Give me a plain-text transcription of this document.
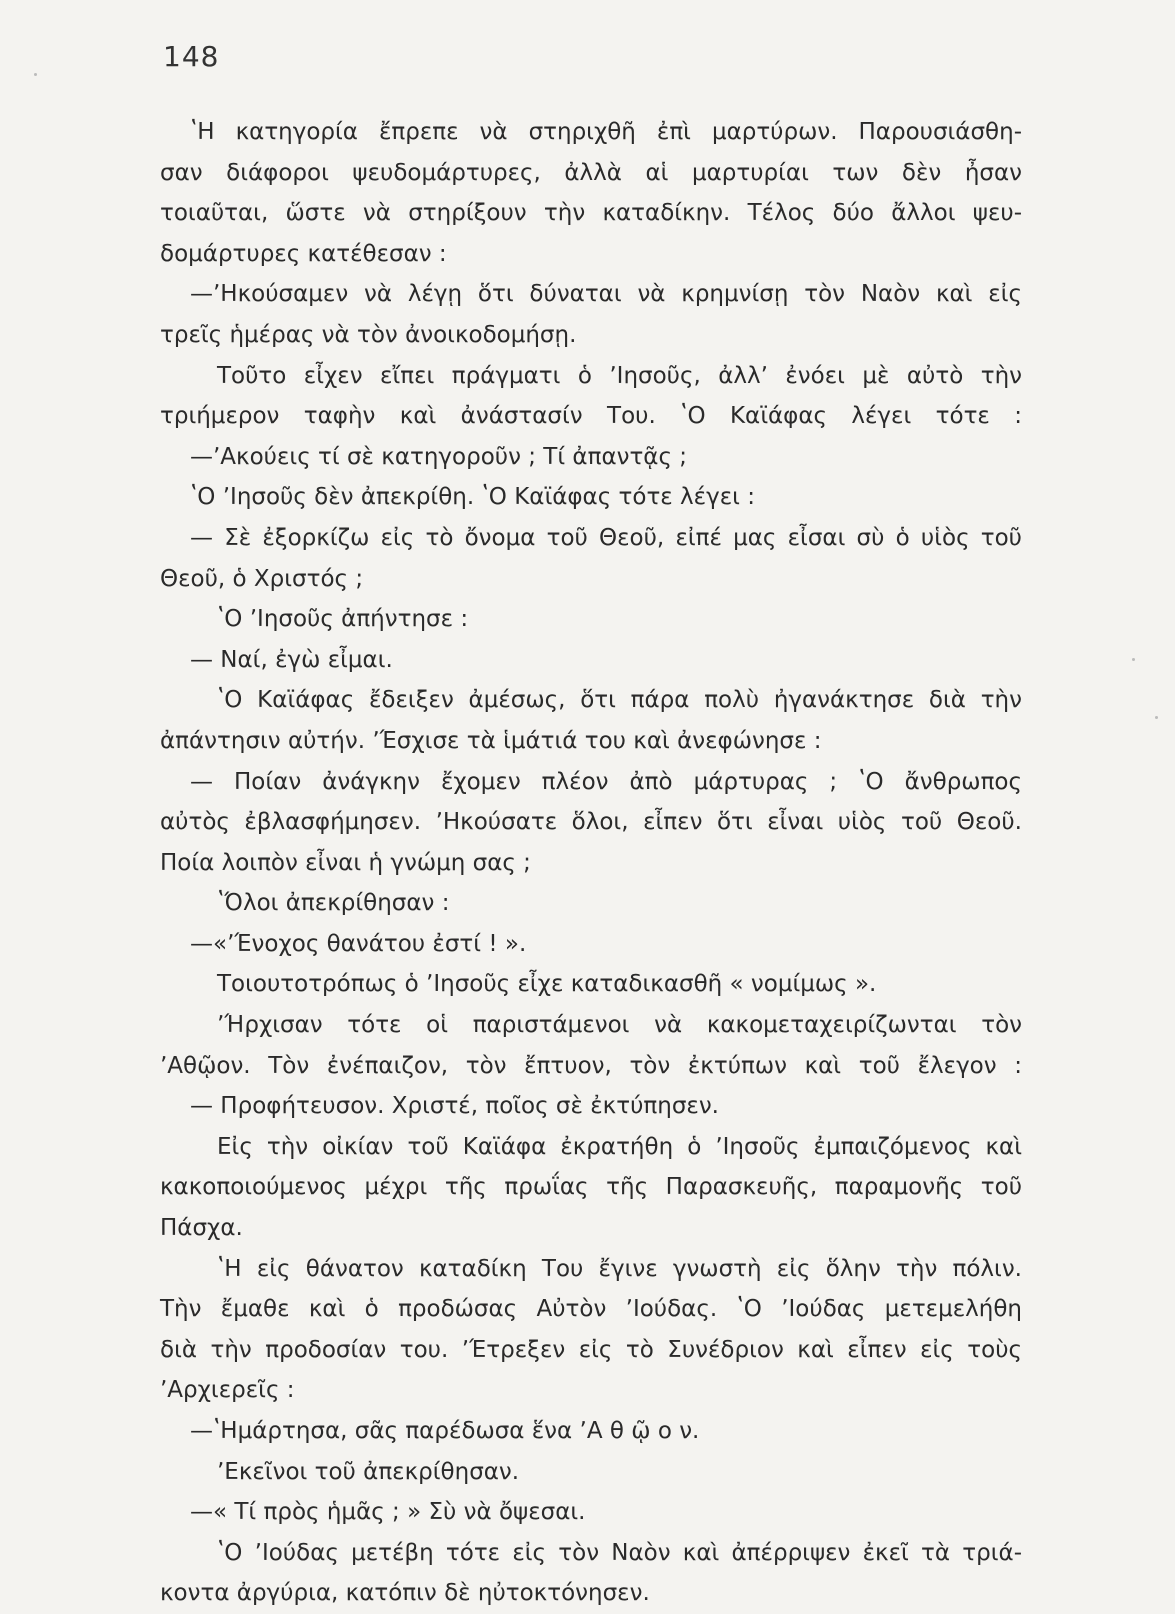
148
ʽΗ κατηγορία ἔπρεπε νὰ στηριχθῆ ἐπὶ μαρτύρων. Παρουσιάσθη-
σαν διάφοροι ψευδομάρτυρες, ἀλλὰ αἱ μαρτυρίαι των δὲν ἦσαν
τοιαῦται, ὥστε νὰ στηρίξουν τὴν καταδίκην. Τέλος δύο ἄλλοι ψευ-
δομάρτυρες κατέθεσαν :
—ʼΗκούσαμεν νὰ λέγῃ ὅτι δύναται νὰ κρημνίσῃ τὸν Ναὸν καὶ εἰς
τρεῖς ἡμέρας νὰ τὸν ἀνοικοδομήσῃ.
Τοῦτο εἶχεν εἴπει πράγματι ὁ ʼΙησοῦς, ἀλλʼ ἐνόει μὲ αὐτὸ τὴν
τριήμερον ταφὴν καὶ ἀνάστασίν Του. ʽΟ Καϊάφας λέγει τότε :
—ʼΑκούεις τί σὲ κατηγοροῦν ; Τί ἀπαντᾷς ;
ʽΟ ʼΙησοῦς δὲν ἀπεκρίθη. ʽΟ Καϊάφας τότε λέγει :
— Σὲ ἐξορκίζω εἰς τὸ ὄνομα τοῦ Θεοῦ, εἰπέ μας εἶσαι σὺ ὁ υἱὸς τοῦ
Θεοῦ, ὁ Χριστός ;
ʽΟ ʼΙησοῦς ἀπήντησε :
— Ναί, ἐγὼ εἶμαι.
ʽΟ Καϊάφας ἔδειξεν ἀμέσως, ὅτι πάρα πολὺ ἠγανάκτησε διὰ τὴν
ἀπάντησιν αὐτήν. ʼΈσχισε τὰ ἱμάτιά του καὶ ἀνεφώνησε :
— Ποίαν ἀνάγκην ἔχομεν πλέον ἀπὸ μάρτυρας ; ʽΟ ἄνθρωπος
αὐτὸς ἐβλασφήμησεν. ʼΗκούσατε ὅλοι, εἶπεν ὅτι εἶναι υἱὸς τοῦ Θεοῦ.
Ποία λοιπὸν εἶναι ἡ γνώμη σας ;
ʽΌλοι ἀπεκρίθησαν :
—«ʼΈνοχος θανάτου ἐστί ! ».
Τοιουτοτρόπως ὁ ʼΙησοῦς εἶχε καταδικασθῆ « νομίμως ».
ʼΉρχισαν τότε οἱ παριστάμενοι νὰ κακομεταχειρίζωνται τὸν
ʼΑθῷον. Τὸν ἐνέπαιζον, τὸν ἔπτυον, τὸν ἐκτύπων καὶ τοῦ ἔλεγον :
— Προφήτευσον. Χριστέ, ποῖος σὲ ἐκτύπησεν.
Εἰς τὴν οἰκίαν τοῦ Καϊάφα ἐκρατήθη ὁ ʼΙησοῦς ἐμπαιζόμενος καὶ
κακοποιούμενος μέχρι τῆς πρωΐας τῆς Παρασκευῆς, παραμονῆς τοῦ
Πάσχα.
ʽΗ εἰς θάνατον καταδίκη Του ἔγινε γνωστὴ εἰς ὅλην τὴν πόλιν.
Τὴν ἔμαθε καὶ ὁ προδώσας Αὐτὸν ʼΙούδας. ʽΟ ʼΙούδας μετεμελήθη
διὰ τὴν προδοσίαν του. ʼΈτρεξεν εἰς τὸ Συνέδριον καὶ εἶπεν εἰς τοὺς
ʼΑρχιερεῖς :
—ʽΗμάρτησα, σᾶς παρέδωσα ἕνα ʼΑ θ ῷ ο ν.
ʼΕκεῖνοι τοῦ ἀπεκρίθησαν.
—« Τί πρὸς ἡμᾶς ; » Σὺ νὰ ὄψεσαι.
ʽΟ ʼΙούδας μετέβη τότε εἰς τὸν Ναὸν καὶ ἀπέρριψεν ἐκεῖ τὰ τριά-
κοντα ἀργύρια, κατόπιν δὲ ηὐτοκτόνησεν.
